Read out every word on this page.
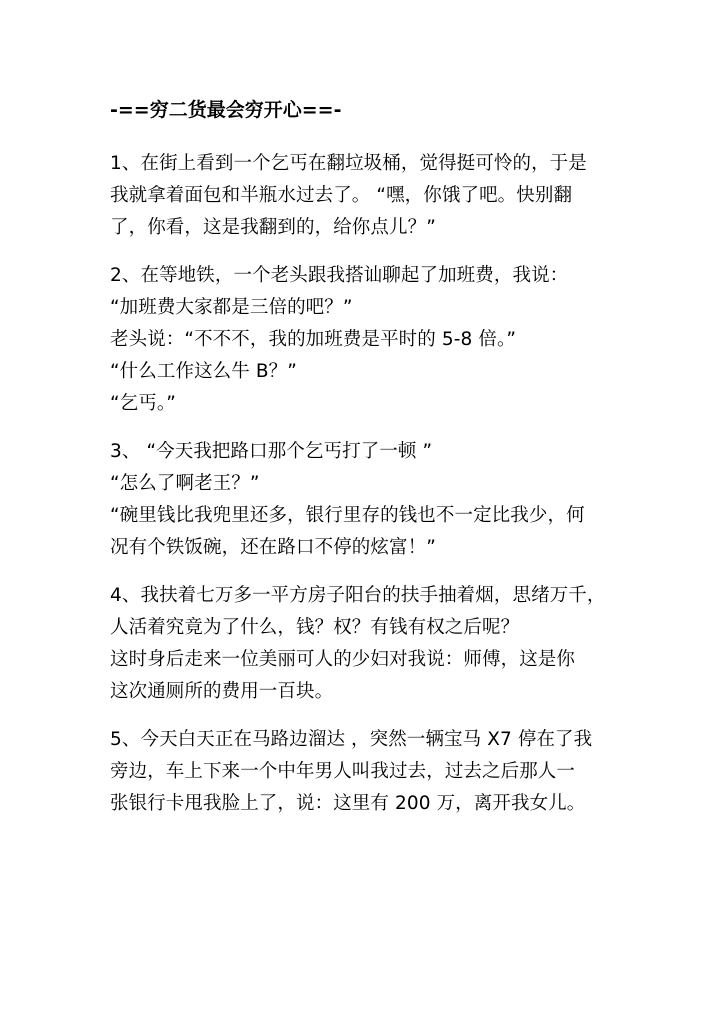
-==穷二货最会穷开心==-
1、在街上看到一个乞丐在翻垃圾桶，觉得挺可怜的，于是
我就拿着面包和半瓶水过去了。 “嘿，你饿了吧。快别翻
了，你看，这是我翻到的，给你点儿？”
2、在等地铁，一个老头跟我搭讪聊起了加班费，我说：
“加班费大家都是三倍的吧？”
老头说：“不不不，我的加班费是平时的 5-8 倍。”
“什么工作这么牛 B？”
“乞丐。”
3、 “今天我把路口那个乞丐打了一顿 ”
“怎么了啊老王？”
“碗里钱比我兜里还多，银行里存的钱也不一定比我少，何
况有个铁饭碗，还在路口不停的炫富！”
4、我扶着七万多一平方房子阳台的扶手抽着烟，思绪万千，
人活着究竟为了什么，钱？权？有钱有权之后呢？
这时身后走来一位美丽可人的少妇对我说：师傅，这是你
这次通厕所的费用一百块。
5、今天白天正在马路边溜达 ，突然一辆宝马 X7 停在了我
旁边，车上下来一个中年男人叫我过去，过去之后那人一
张银行卡甩我脸上了，说：这里有 200 万，离开我女儿。
